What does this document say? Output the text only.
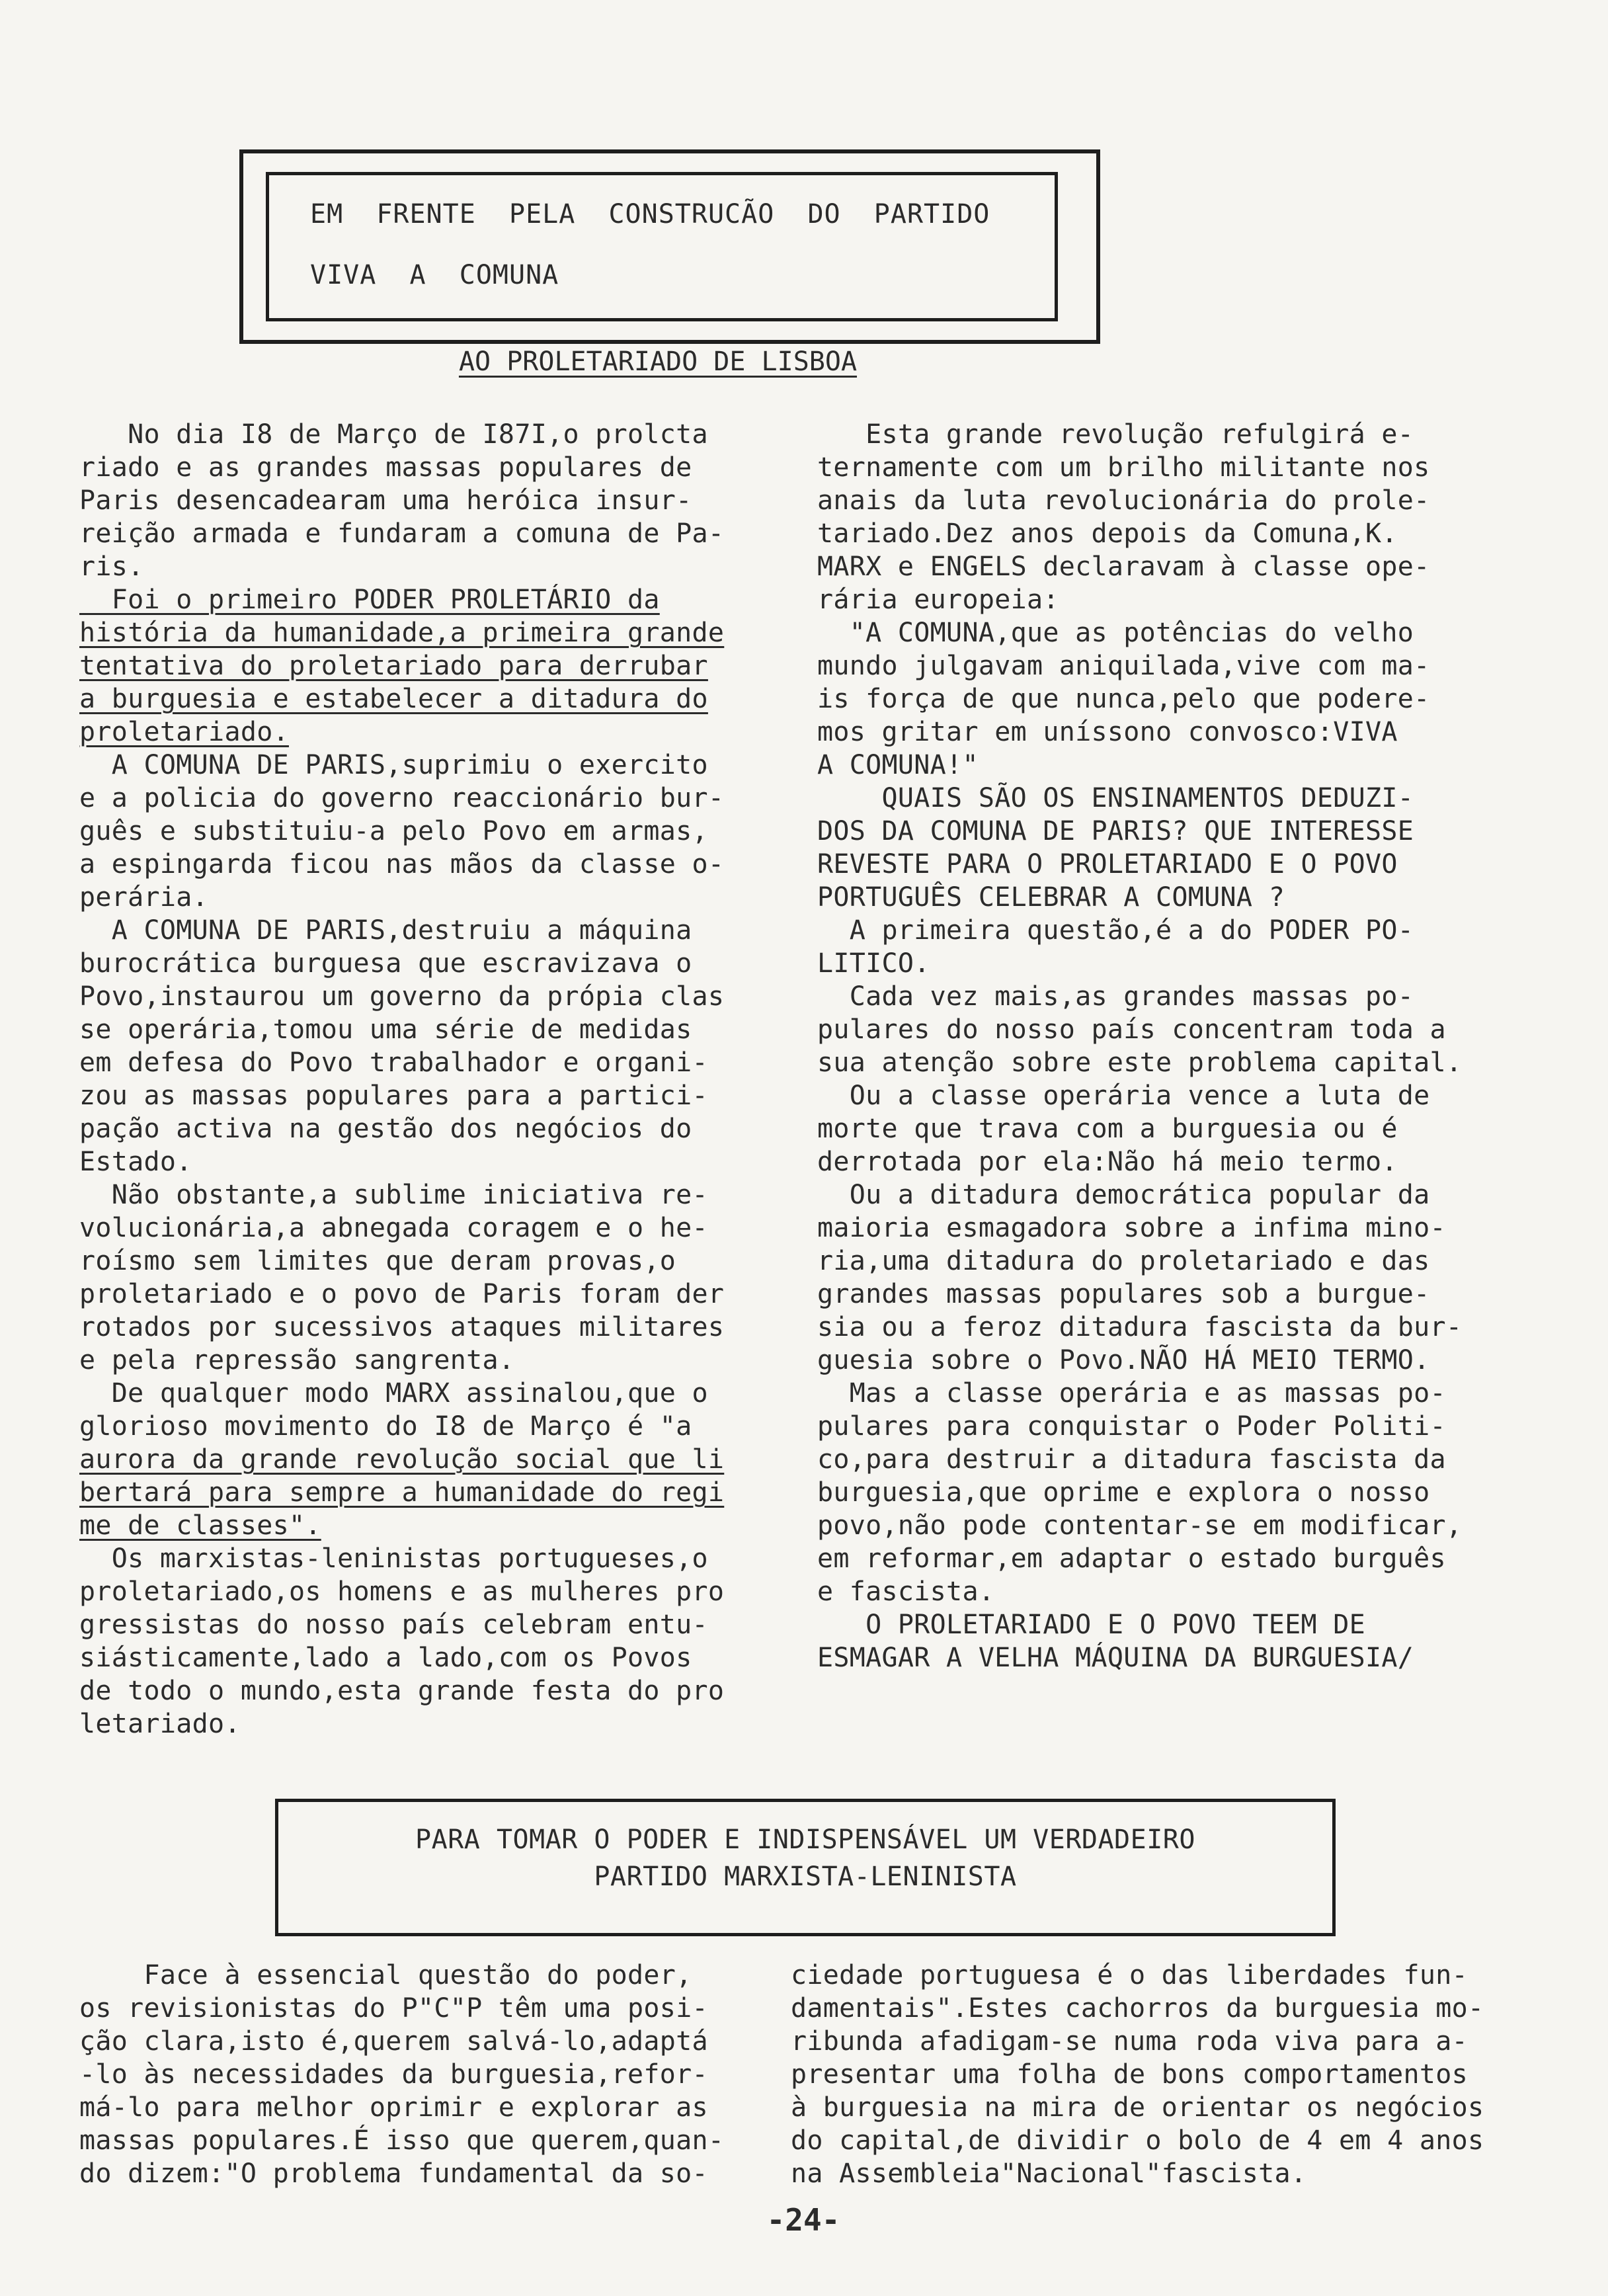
EM  FRENTE  PELA  CONSTRUCÃO  DO  PARTIDO
VIVA  A  COMUNA
AO PROLETARIADO DE LISBOA
No dia I8 de Março de I87I,o prolcta
riado e as grandes massas populares de
Paris desencadearam uma heróica insur-
reição armada e fundaram a comuna de Pa-
ris.
Foi o primeiro PODER PROLETÁRIO da
história da humanidade,a primeira grande
tentativa do proletariado para derrubar
a burguesia e estabelecer a ditadura do
proletariado.
A COMUNA DE PARIS,suprimiu o exercito
e a policia do governo reaccionário bur-
guês e substituiu-a pelo Povo em armas,
a espingarda ficou nas mãos da classe o-
perária.
A COMUNA DE PARIS,destruiu a máquina
burocrática burguesa que escravizava o
Povo,instaurou um governo da própia clas
se operária,tomou uma série de medidas
em defesa do Povo trabalhador e organi-
zou as massas populares para a partici-
pação activa na gestão dos negócios do
Estado.
Não obstante,a sublime iniciativa re-
volucionária,a abnegada coragem e o he-
roísmo sem limites que deram provas,o
proletariado e o povo de Paris foram der
rotados por sucessivos ataques militares
e pela repressão sangrenta.
De qualquer modo MARX assinalou,que o
glorioso movimento do I8 de Março é "a
aurora da grande revolução social que li
bertará para sempre a humanidade do regi
me de classes".
Os marxistas-leninistas portugueses,o
proletariado,os homens e as mulheres pro
gressistas do nosso país celebram entu-
siásticamente,lado a lado,com os Povos
de todo o mundo,esta grande festa do pro
letariado.
Esta grande revolução refulgirá e-
ternamente com um brilho militante nos
anais da luta revolucionária do prole-
tariado.Dez anos depois da Comuna,K.
MARX e ENGELS declaravam à classe ope-
rária europeia:
"A COMUNA,que as potências do velho
mundo julgavam aniquilada,vive com ma-
is força de que nunca,pelo que podere-
mos gritar em uníssono convosco:VIVA
A COMUNA!"
QUAIS SÃO OS ENSINAMENTOS DEDUZI-
DOS DA COMUNA DE PARIS? QUE INTERESSE
REVESTE PARA O PROLETARIADO E O POVO
PORTUGUÊS CELEBRAR A COMUNA ?
A primeira questão,é a do PODER PO-
LITICO.
Cada vez mais,as grandes massas po-
pulares do nosso país concentram toda a
sua atenção sobre este problema capital.
Ou a classe operária vence a luta de
morte que trava com a burguesia ou é
derrotada por ela:Não há meio termo.
Ou a ditadura democrática popular da
maioria esmagadora sobre a infima mino-
ria,uma ditadura do proletariado e das
grandes massas populares sob a burgue-
sia ou a feroz ditadura fascista da bur-
guesia sobre o Povo.NÃO HÁ MEIO TERMO.
Mas a classe operária e as massas po-
pulares para conquistar o Poder Politi-
co,para destruir a ditadura fascista da
burguesia,que oprime e explora o nosso
povo,não pode contentar-se em modificar,
em reformar,em adaptar o estado burguês
e fascista.
O PROLETARIADO E O POVO TEEM DE
ESMAGAR A VELHA MÁQUINA DA BURGUESIA/
PARA TOMAR O PODER E INDISPENSÁVEL UM VERDADEIRO
PARTIDO MARXISTA-LENINISTA
Face à essencial questão do poder,
os revisionistas do P"C"P têm uma posi-
ção clara,isto é,querem salvá-lo,adaptá
-lo às necessidades da burguesia,refor-
má-lo para melhor oprimir e explorar as
massas populares.É isso que querem,quan-
do dizem:"O problema fundamental da so-
ciedade portuguesa é o das liberdades fun-
damentais".Estes cachorros da burguesia mo-
ribunda afadigam-se numa roda viva para a-
presentar uma folha de bons comportamentos
à burguesia na mira de orientar os negócios
do capital,de dividir o bolo de 4 em 4 anos
na Assembleia"Nacional"fascista.
-24-
